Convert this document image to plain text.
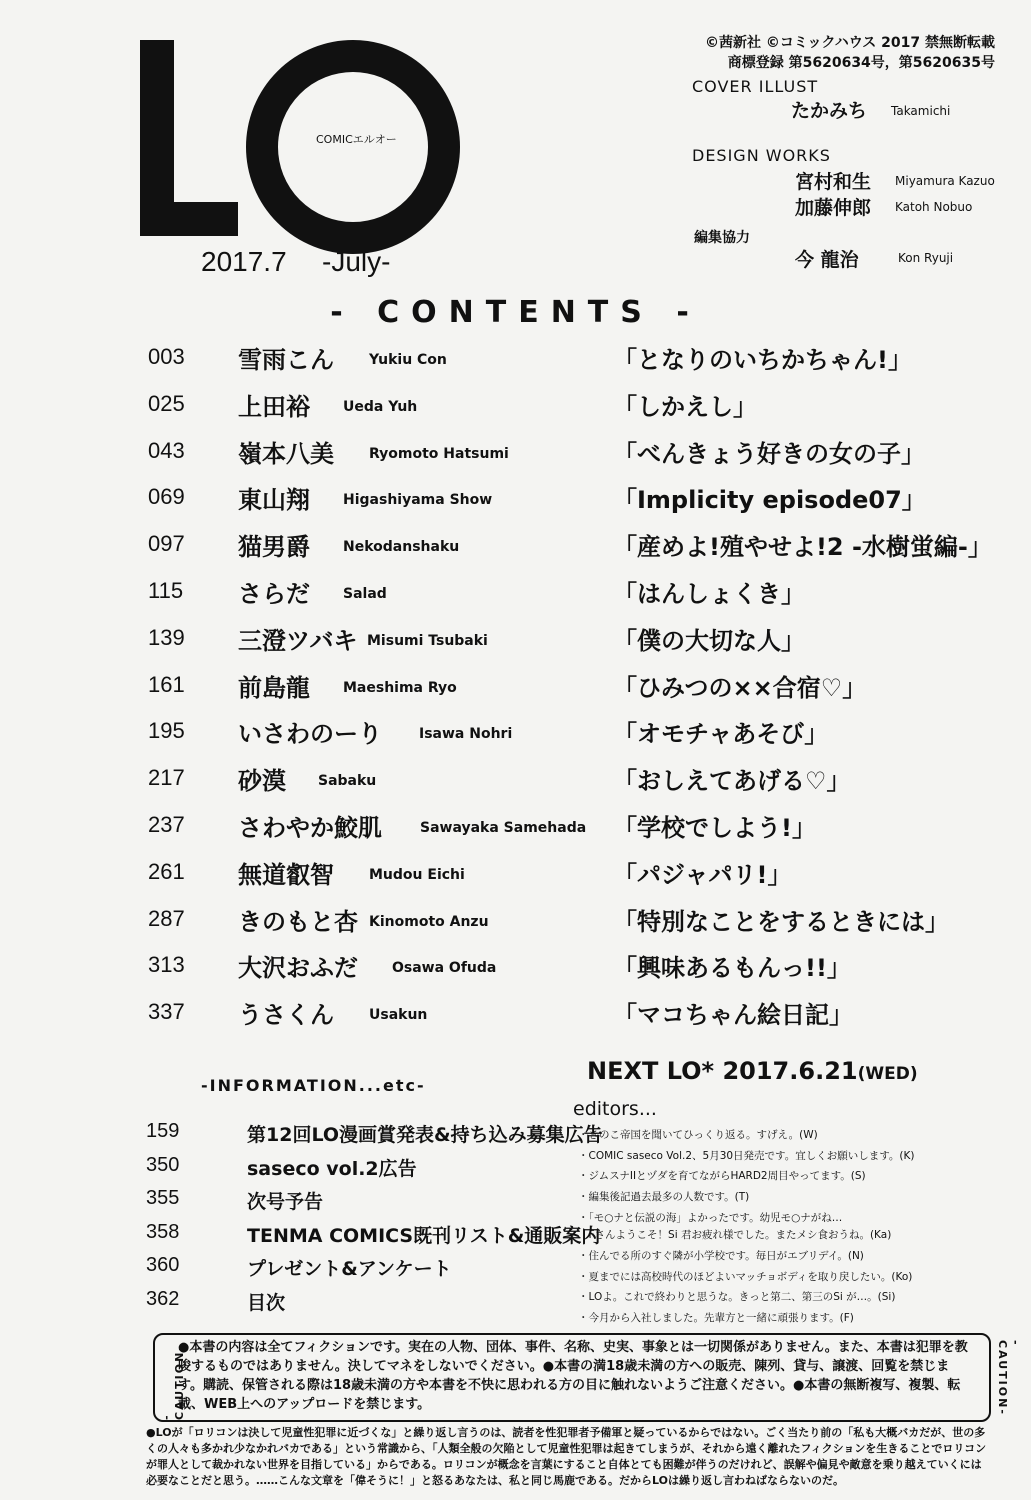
COMICエルオー
2017.7 -July-
©茜新社 ©コミックハウス 2017 禁無断転載
商標登録 第5620634号，第5620635号
COVER ILLUST
たかみち Takamichi
DESIGN WORKS
宮村和生 Miyamura Kazuo
加藤伸郎 Katoh Nobuo
編集協力
今 龍治	Kon Ryuji
- CONTENTS -
003 雪雨こん	Yukiu Con	「となりのいちかちゃん!」
025 上田裕 Ueda Yuh	「しかえし」
043 嶺本八美	Ryomoto Hatsumi	「べんきょう好きの女の子」
069 東山翔 Higashiyama Show	「Implicity episode07」
097 猫男爵 Nekodanshaku	「産めよ!殖やせよ!2 -水樹蛍編-」
115 さらだ Salad	「はんしょくき」
139 三澄ツバキ Misumi Tsubaki	「僕の大切な人」
161 前島龍 Maeshima Ryo	「ひみつの××合宿♡」
195 いさわのーり	Isawa Nohri	「オモチャあそび」
217 砂漠 Sabaku	「おしえてあげる♡」
237 さわやか鮫肌	Sawayaka Samehada 「学校でしよう!」
261 無道叡智	Mudou Eichi	「パジャパリ!」
287 きのもと杏 Kinomoto Anzu	「特別なことをするときには」
313 大沢おふだ Osawa Ofuda	「興味あるもんっ!!」
337 うさくん	Usakun	「マコちゃん絵日記」
-INFORMATION...etc-
159	第12回LO漫画賞発表&持ち込み募集広告
350	saseco vol.2広告
355	次号予告
358	TENMA COMICS既刊リスト&通販案内
360	プレゼント&アンケート
362	目次
NEXT LO* 2017.6.21(WED)
editors...
・きのこ帝国を聞いてひっくり返る。すげえ。(W)
・COMIC saseco Vol.2、5月30日発売です。宜しくお願いします。(K)
・ジムスナIIとヅダを育てながらHARD2周目やってます。(S)
・編集後記過去最多の人数です。(T)
・「モ○ナと伝説の海」よかったです。幼児モ○ナがね…
　Fさんようこそ！Si 君お疲れ様でした。またメシ食おうね。(Ka)
・住んでる所のすぐ隣が小学校です。毎日がエブリデイ。(N)
・夏までには高校時代のほどよいマッチョボディを取り戻したい。(Ko)
・LOよ。これで終わりと思うな。きっと第二、第三のSi が…。(Si)
・今月から入社しました。先輩方と一緒に頑張ります。(F)
-CAUTION-
-CAUTION-
●本書の内容は全てフィクションです。実在の人物、団体、事件、名称、史実、事象とは一切関係がありません。また、本書は犯罪を教唆するものではありません。決してマネをしないでください。●本書の満18歳未満の方への販売、陳列、貸与、譲渡、回覧を禁じます。購読、保管される際は18歳未満の方や本書を不快に思われる方の目に触れないようご注意ください。●本書の無断複写、複製、転載、WEB上へのアップロードを禁じます。
●LOが「ロリコンは決して児童性犯罪に近づくな」と繰り返し言うのは、読者を性犯罪者予備軍と疑っているからではない。ごく当たり前の「私も大概バカだが、世の多くの人々も多かれ少なかれバカである」という常識から、「人類全般の欠陥として児童性犯罪は起きてしまうが、それから遠く離れたフィクションを生きることでロリコンが罪人として裁かれない世界を目指している」からである。ロリコンが概念を言葉にすること自体とても困難が伴うのだけれど、誤解や偏見や敵意を乗り越えていくには必要なことだと思う。……こんな文章を「偉そうに！」と怒るあなたは、私と同じ馬鹿である。だからLOは繰り返し言わねばならないのだ。
